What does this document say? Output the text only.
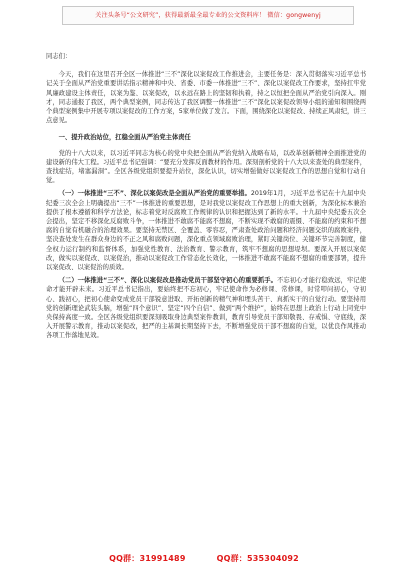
关注头条号“公文研究”，获得最新最全最专业的公文资料库！ 微信：gongwenyj

同志们：

今天，我们在这里召开全区一体推进“三不”深化以案促改工作推进会，主要任务是：深入贯彻落实习近平总书记关于全面从严治党重要讲话指示精神和中央、省委、市委一体推进“三不”、深化以案促改工作要求，坚持扛牢党风廉政建设主体责任，以案为鉴、以案促改，以永远在路上的坚韧和执着，持之以恒把全面从严治党引向深入。刚才，同志通报了我区，两个典型案例，同志传达了我区调整一体推进“三不”深化以案促改领导小组的通知和围绕两个典型案例集中开展专项以案促改的工作方案，5家单位做了发言。下面，围绕深化以案促改、持续正风肃纪，讲三点意见。

一、提升政治站位，扛稳全面从严治党主体责任

党的十八大以来，以习近平同志为核心的党中央把全面从严治党纳入战略布局，以改革创新精神全面推进党的建设新的伟大工程。习近平总书记强调：“要充分发挥反面教材的作用。深刻剖析党的十八大以来查处的典型案件，查找症结，堵塞漏洞”。全区各级党组织要提升站位，深化认识，切实增强做好以案促改工作的思想自觉和行动自觉。

（一）一体推进“三不”、深化以案促改是全面从严治党的重要举措。2019年1月，习近平总书记在十九届中央纪委三次全会上明确提出“三不”一体推进的重要思想，是对我党以案促改工作思想上的重大创新，为深化标本兼治提供了根本遵循和科学方法论，标志着党对反腐败工作规律的认识和把握达到了新的水平。十九届中央纪委五次全会提出，坚定不移深化反腐败斗争，一体推进不敢腐不能腐不想腐，不断实现不敢腐的震慑、不能腐的约束和不想腐的自觉有机融合的治理效果。要坚持无禁区、全覆盖、零容忍，严肃查处政治问题和经济问题交织的腐败案件，坚决查处发生在群众身边的不正之风和腐败问题，深化重点领域腐败治理，紧盯关键岗位、关键环节完善制度，健全权力运行制约和监督体系，加强党性教育、法治教育、警示教育，筑牢不想腐的思想堤坝。要深入开展以案促改，做实以案促改、以案促治，推动以案促改工作常态化长效化，一体推进不敢腐不能腐不想腐的重要部署，提升以案促改、以案促治的质效。

（二）一体推进“三不”、深化以案促改是推动党员干部坚守初心的重要抓手。不忘初心才能行稳致远，牢记使命才能开辟未来。习近平总书记指出，要始终把不忘初心，牢记使命作为必修课、常修课，时常叩问初心，守初心、践初心，把初心使命变成党员干部锐意进取、开拓创新的精气神和埋头苦干、真抓实干的自觉行动。要坚持用党的创新理论武装头脑，增强“四个意识”、坚定“四个自信”、做到“两个维护”，始终在思想上政治上行动上同党中央保持高度一致。全区各级党组织要深刻吸取身边典型案件教训，教育引导党员干部知敬畏、存戒惧、守底线，深入开展警示教育，推动以案促改，把严的主基调长期坚持下去，不断增强党员干部不想腐的自觉，以优良作风推动各项工作落地见效。

QQ群：31991489	QQ群：535304092
